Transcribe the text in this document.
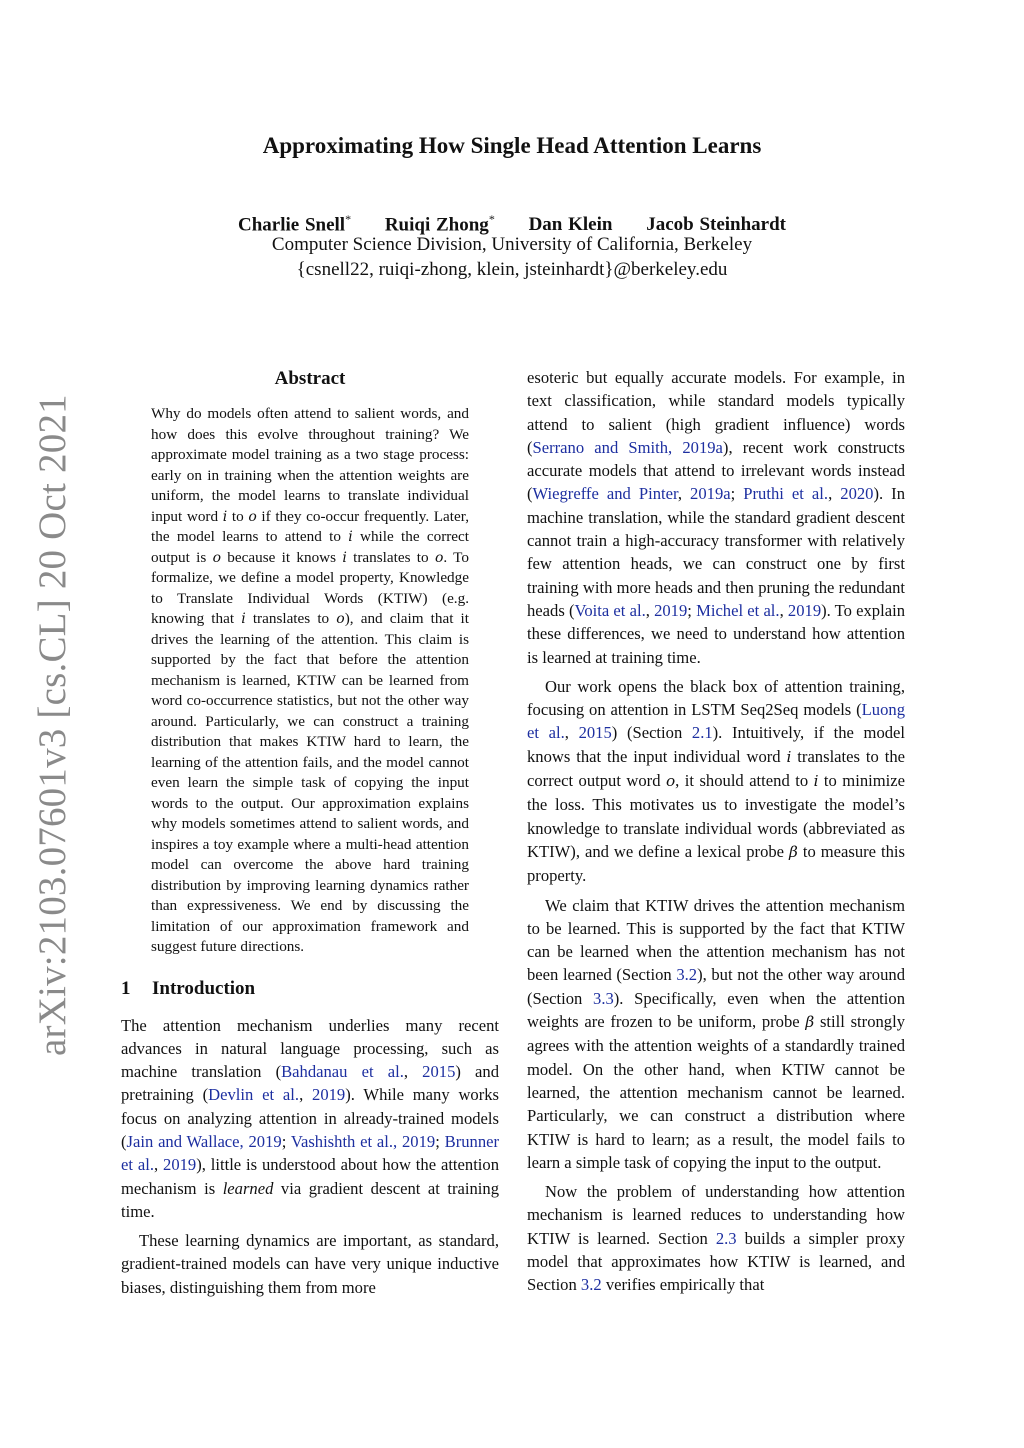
arXiv:2103.07601v3 [cs.CL] 20 Oct 2021
Approximating How Single Head Attention Learns
Charlie Snell* Ruiqi Zhong* Dan Klein Jacob Steinhardt
Computer Science Division, University of California, Berkeley
{csnell22, ruiqi-zhong, klein, jsteinhardt}@berkeley.edu
Abstract

Why do models often attend to salient words, and how does this evolve throughout training? We approximate model training as a two stage process: early on in training when the attention weights are uniform, the model learns to translate individual input word i to o if they co-occur frequently. Later, the model learns to attend to i while the correct output is o because it knows i translates to o. To formalize, we define a model property, Knowledge to Translate Individual Words (KTIW) (e.g. knowing that i translates to o), and claim that it drives the learning of the attention. This claim is supported by the fact that before the attention mechanism is learned, KTIW can be learned from word co-occurrence statistics, but not the other way around. Particularly, we can construct a training distribution that makes KTIW hard to learn, the learning of the attention fails, and the model cannot even learn the simple task of copying the input words to the output. Our approximation explains why models sometimes attend to salient words, and inspires a toy example where a multi-head attention model can overcome the above hard training distribution by improving learning dynamics rather than expressiveness. We end by discussing the limitation of our approximation framework and suggest future directions.

1 Introduction

The attention mechanism underlies many recent advances in natural language processing, such as machine translation (Bahdanau et al., 2015) and pretraining (Devlin et al., 2019). While many works focus on analyzing attention in already-trained models (Jain and Wallace, 2019; Vashishth et al., 2019; Brunner et al., 2019), little is understood about how the attention mechanism is learned via gradient descent at training time.

These learning dynamics are important, as standard, gradient-trained models can have very unique inductive biases, distinguishing them from more

esoteric but equally accurate models. For example, in text classification, while standard models typically attend to salient (high gradient influence) words (Serrano and Smith, 2019a), recent work constructs accurate models that attend to irrelevant words instead (Wiegreffe and Pinter, 2019a; Pruthi et al., 2020). In machine translation, while the standard gradient descent cannot train a high-accuracy transformer with relatively few attention heads, we can construct one by first training with more heads and then pruning the redundant heads (Voita et al., 2019; Michel et al., 2019). To explain these differences, we need to understand how attention is learned at training time.

Our work opens the black box of attention training, focusing on attention in LSTM Seq2Seq models (Luong et al., 2015) (Section 2.1). Intuitively, if the model knows that the input individual word i translates to the correct output word o, it should attend to i to minimize the loss. This motivates us to investigate the model’s knowledge to translate individual words (abbreviated as KTIW), and we define a lexical probe β to measure this property.

We claim that KTIW drives the attention mechanism to be learned. This is supported by the fact that KTIW can be learned when the attention mechanism has not been learned (Section 3.2), but not the other way around (Section 3.3). Specifically, even when the attention weights are frozen to be uniform, probe β still strongly agrees with the attention weights of a standardly trained model. On the other hand, when KTIW cannot be learned, the attention mechanism cannot be learned. Particularly, we can construct a distribution where KTIW is hard to learn; as a result, the model fails to learn a simple task of copying the input to the output.

Now the problem of understanding how attention mechanism is learned reduces to understanding how KTIW is learned. Section 2.3 builds a simpler proxy model that approximates how KTIW is learned, and Section 3.2 verifies empirically that
